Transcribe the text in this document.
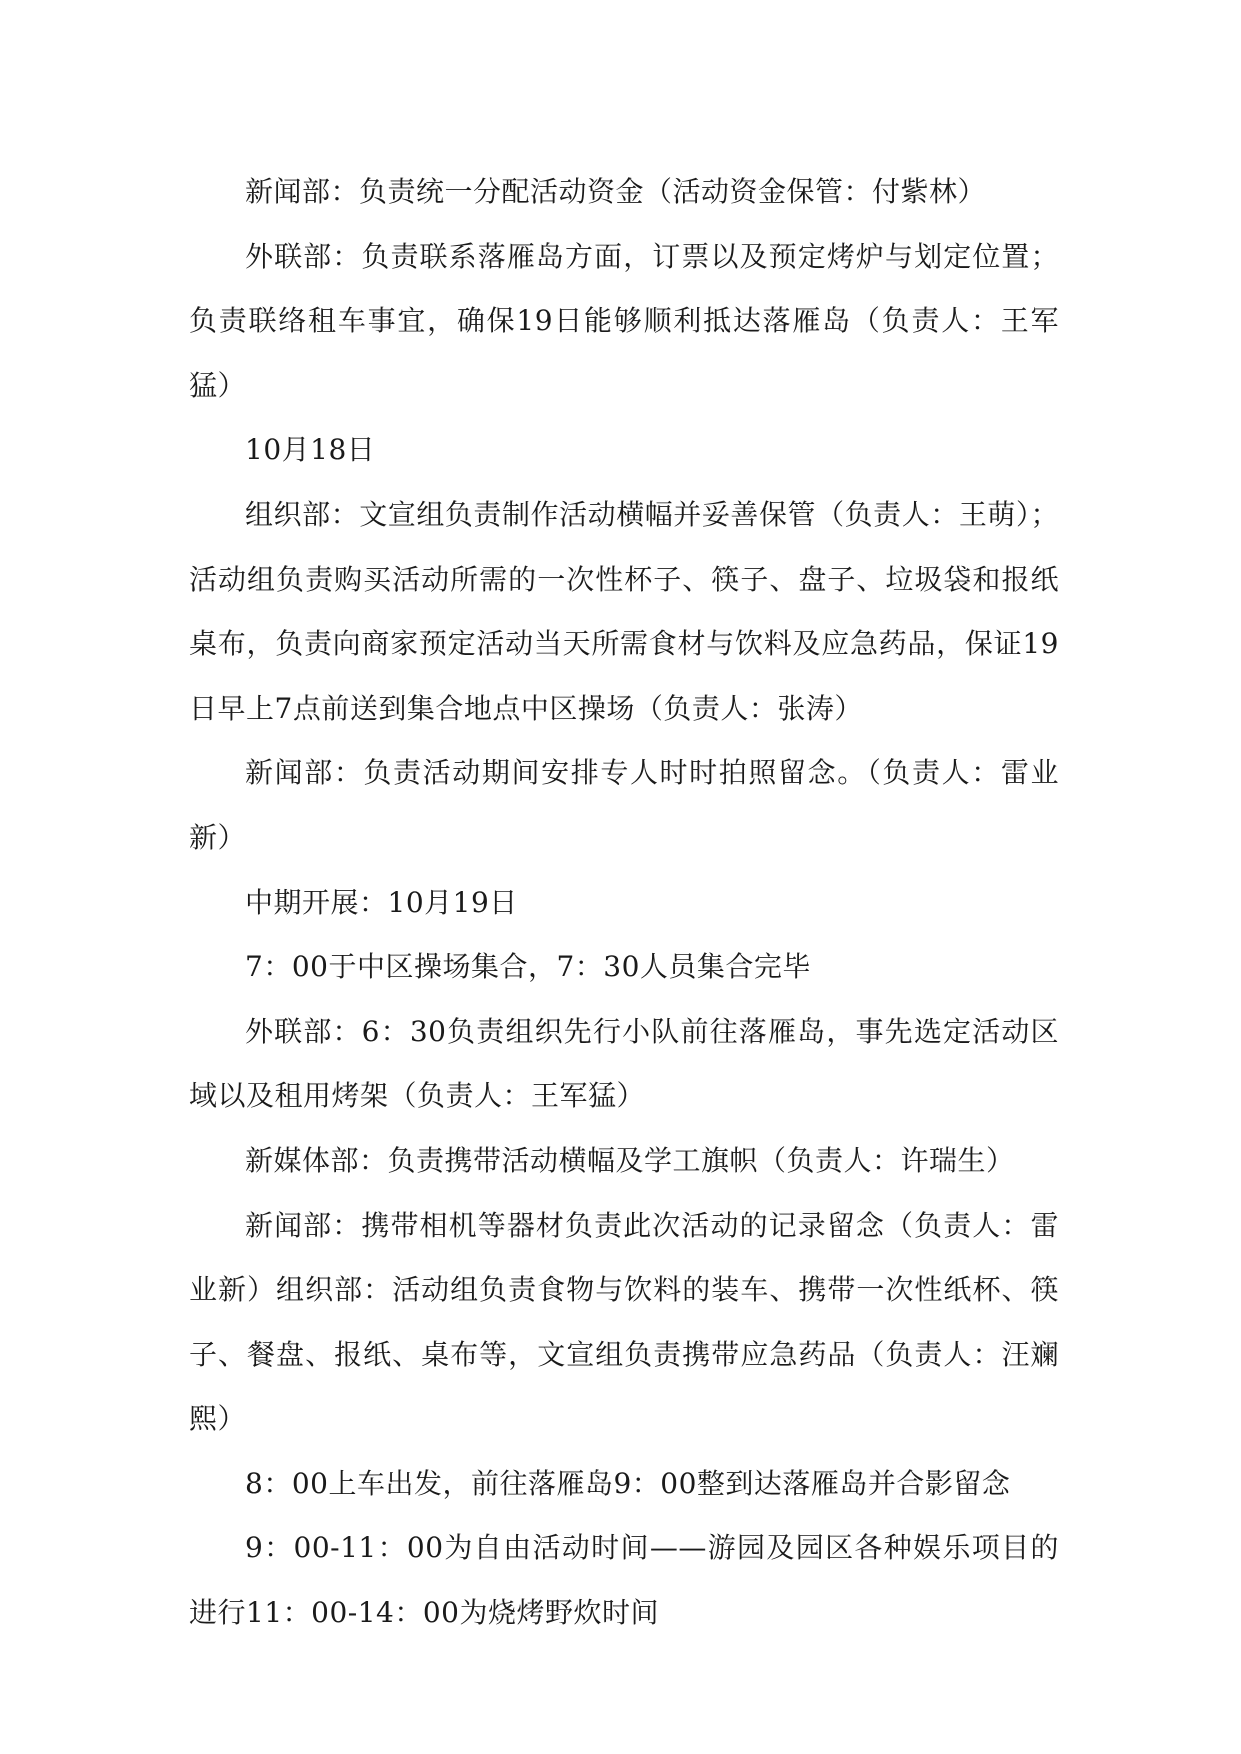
新闻部：负责统一分配活动资金（活动资金保管：付紫林）

外联部：负责联系落雁岛方面，订票以及预定烤炉与划定位置；负责联络租车事宜，确保19日能够顺利抵达落雁岛（负责人：王军猛）

10月18日

组织部：文宣组负责制作活动横幅并妥善保管（负责人：王萌）；活动组负责购买活动所需的一次性杯子、筷子、盘子、垃圾袋和报纸桌布，负责向商家预定活动当天所需食材与饮料及应急药品，保证19日早上7点前送到集合地点中区操场（负责人：张涛）

新闻部：负责活动期间安排专人时时拍照留念。（负责人：雷业新）

中期开展：10月19日

7：00于中区操场集合，7：30人员集合完毕

外联部：6：30负责组织先行小队前往落雁岛，事先选定活动区域以及租用烤架（负责人：王军猛）

新媒体部：负责携带活动横幅及学工旗帜（负责人：许瑞生）

新闻部：携带相机等器材负责此次活动的记录留念（负责人：雷业新）组织部：活动组负责食物与饮料的装车、携带一次性纸杯、筷子、餐盘、报纸、桌布等，文宣组负责携带应急药品（负责人：汪斓熙）

8：00上车出发，前往落雁岛9：00整到达落雁岛并合影留念

9：00-11：00为自由活动时间——游园及园区各种娱乐项目的进行11：00-14：00为烧烤野炊时间
